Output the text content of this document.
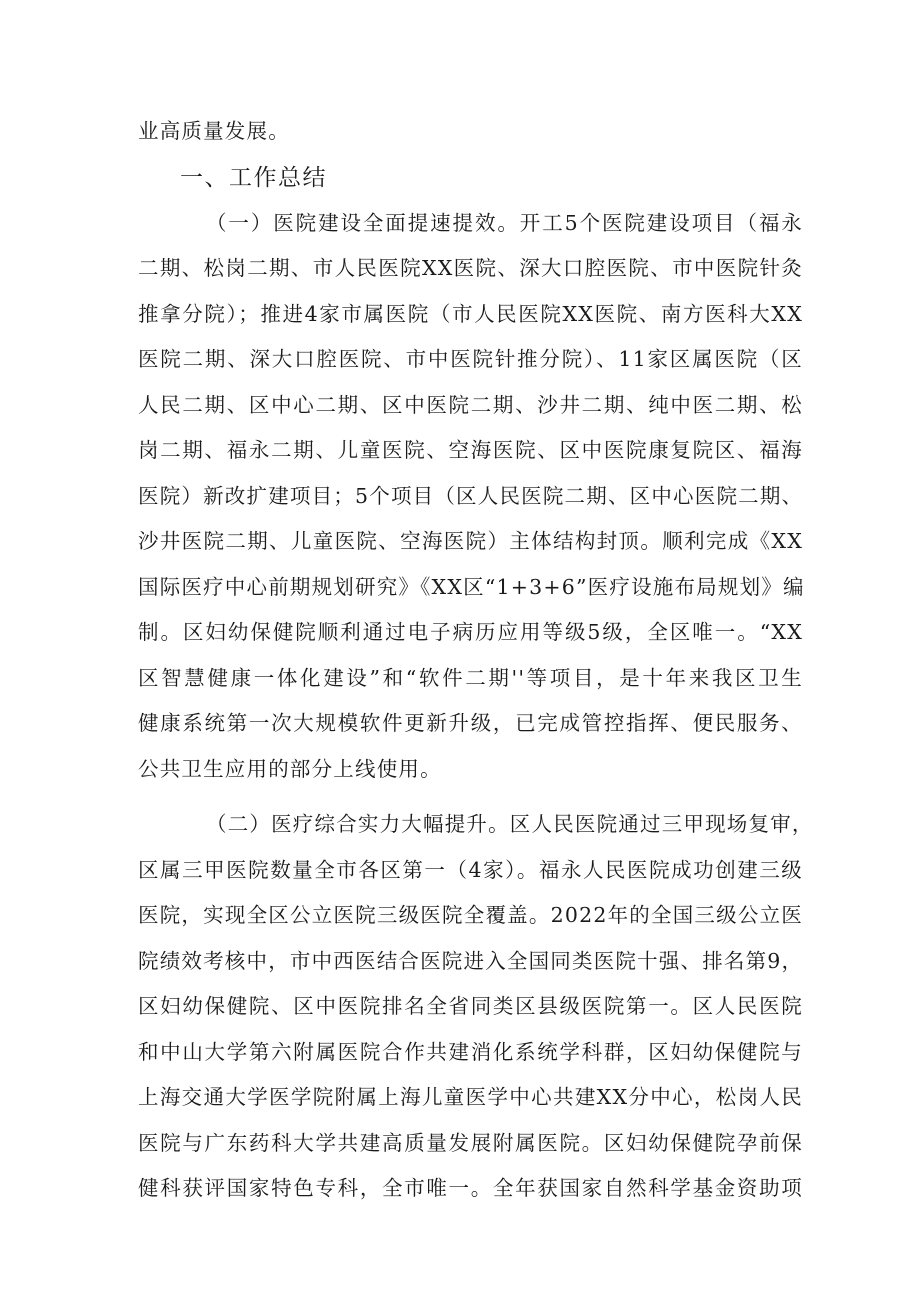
业高质量发展。
一、工作总结
（一）医院建设全面提速提效。开工5个医院建设项目（福永
二期、松岗二期、市人民医院XX医院、深大口腔医院、市中医院针灸
推拿分院）；推进4家市属医院（市人民医院XX医院、南方医科大XX
医院二期、深大口腔医院、市中医院针推分院）、11家区属医院（区
人民二期、区中心二期、区中医院二期、沙井二期、纯中医二期、松
岗二期、福永二期、儿童医院、空海医院、区中医院康复院区、福海
医院）新改扩建项目；5个项目（区人民医院二期、区中心医院二期、
沙井医院二期、儿童医院、空海医院）主体结构封顶。顺利完成《XX
国际医疗中心前期规划研究》《XX区“1+3+6”医疗设施布局规划》编
制。区妇幼保健院顺利通过电子病历应用等级5级，全区唯一。“XX
区智慧健康一体化建设”和“软件二期''等项目，是十年来我区卫生
健康系统第一次大规模软件更新升级，已完成管控指挥、便民服务、
公共卫生应用的部分上线使用。
（二）医疗综合实力大幅提升。区人民医院通过三甲现场复审，
区属三甲医院数量全市各区第一（4家）。福永人民医院成功创建三级
医院，实现全区公立医院三级医院全覆盖。2022年的全国三级公立医
院绩效考核中，市中西医结合医院进入全国同类医院十强、排名第9，
区妇幼保健院、区中医院排名全省同类区县级医院第一。区人民医院
和中山大学第六附属医院合作共建消化系统学科群，区妇幼保健院与
上海交通大学医学院附属上海儿童医学中心共建XX分中心，松岗人民
医院与广东药科大学共建高质量发展附属医院。区妇幼保健院孕前保
健科获评国家特色专科，全市唯一。全年获国家自然科学基金资助项
